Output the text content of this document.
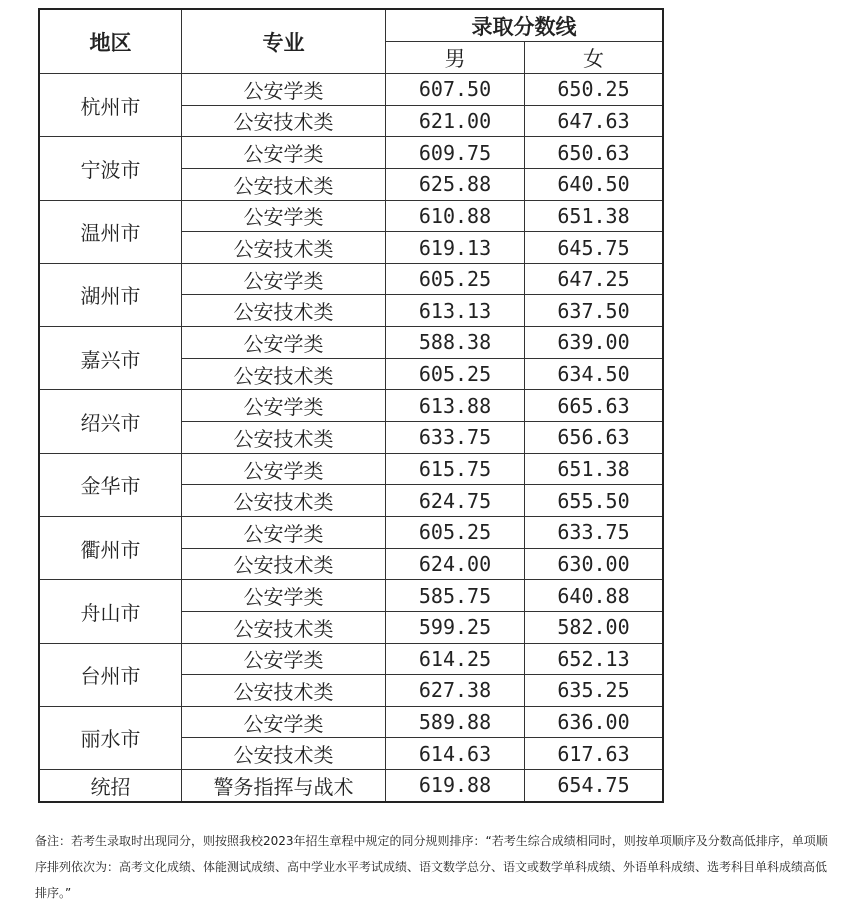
地区	专业	录取分数线	
		男	女
杭州市	公安学类	607.50	650.25
	公安技术类	621.00	647.63
宁波市	公安学类	609.75	650.63
	公安技术类	625.88	640.50
温州市	公安学类	610.88	651.38
	公安技术类	619.13	645.75
湖州市	公安学类	605.25	647.25
	公安技术类	613.13	637.50
嘉兴市	公安学类	588.38	639.00
	公安技术类	605.25	634.50
绍兴市	公安学类	613.88	665.63
	公安技术类	633.75	656.63
金华市	公安学类	615.75	651.38
	公安技术类	624.75	655.50
衢州市	公安学类	605.25	633.75
	公安技术类	624.00	630.00
舟山市	公安学类	585.75	640.88
	公安技术类	599.25	582.00
台州市	公安学类	614.25	652.13
	公安技术类	627.38	635.25
丽水市	公安学类	589.88	636.00
	公安技术类	614.63	617.63
统招	警务指挥与战术	619.88	654.75
备注：若考生录取时出现同分，则按照我校2023年招生章程中规定的同分规则排序：“若考生综合成绩相同时，则按单项顺序及分数高低排序，单项顺序排列依次为：高考文化成绩、体能测试成绩、高中学业水平考试成绩、语文数学总分、语文或数学单科成绩、外语单科成绩、选考科目单科成绩高低排序。”
